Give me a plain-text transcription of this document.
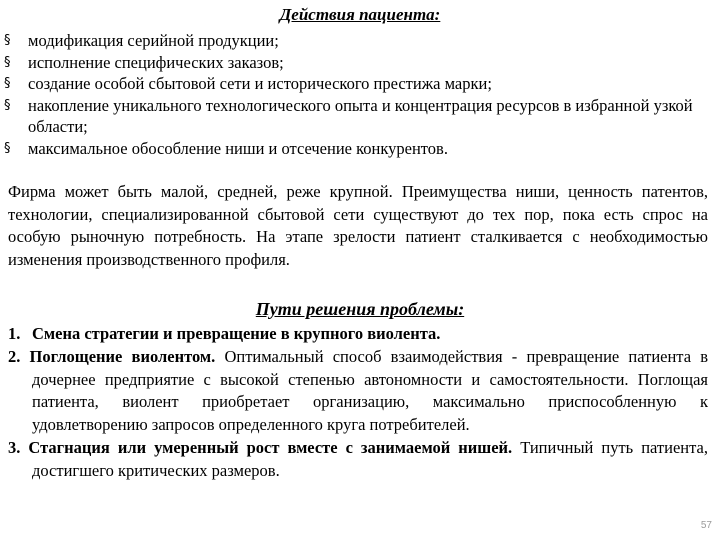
Действия пациента:
§ модификация серийной продукции;
§ исполнение специфических заказов;
§ создание особой сбытовой сети и исторического престижа марки;
§ накопление уникального технологического опыта и концентрация ресурсов в избранной узкой области;
§ максимальное обособление ниши и отсечение конкурентов.

Фирма может быть малой, средней, реже крупной. Преимущества ниши, ценность патентов, технологии, специализированной сбытовой сети существуют до тех пор, пока есть спрос на особую рыночную потребность. На этапе зрелости патиент сталкивается с необходимостью изменения производственного профиля.

Пути решения проблемы:
1. Смена стратегии и превращение в крупного виолента.
2. Поглощение виолентом. Оптимальный способ взаимодействия - превращение патиента в дочернее предприятие с высокой степенью автономности и самостоятельности. Поглощая патиента, виолент приобретает организацию, максимально приспособленную к удовлетворению запросов определенного круга потребителей.
3. Стагнация или умеренный рост вместе с занимаемой нишей. Типичный путь патиента, достигшего критических размеров.
57
